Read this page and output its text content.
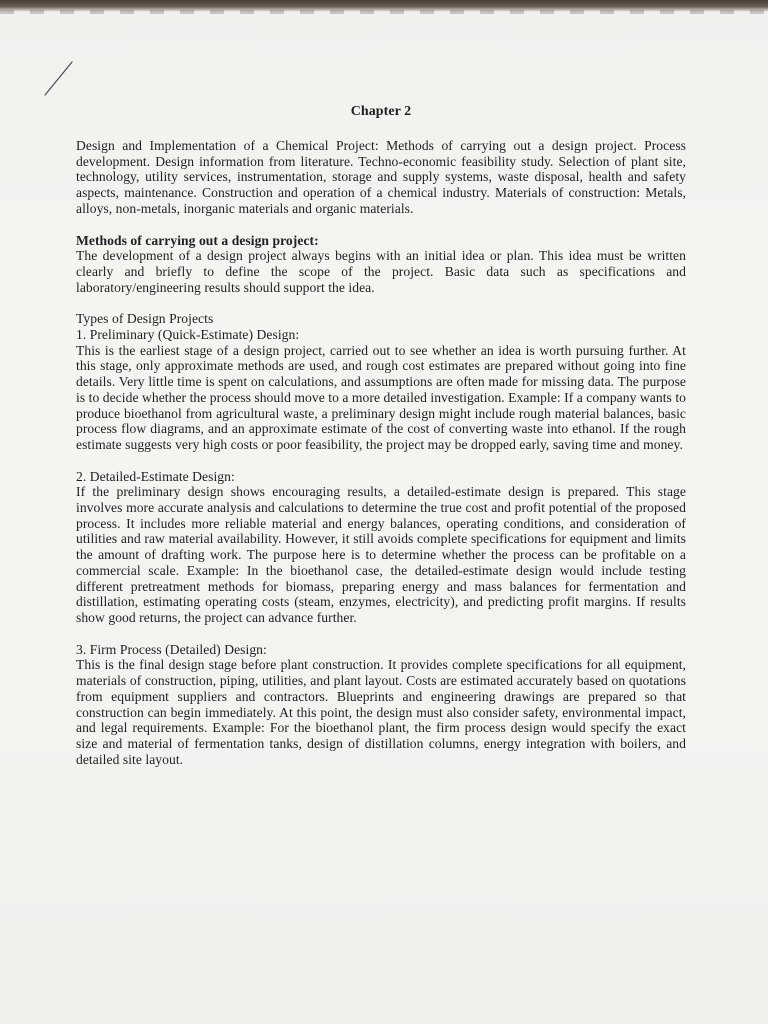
Chapter 2

Design and Implementation of a Chemical Project: Methods of carrying out a design project. Process development. Design information from literature. Techno-economic feasibility study. Selection of plant site, technology, utility services, instrumentation, storage and supply systems, waste disposal, health and safety aspects, maintenance. Construction and operation of a chemical industry. Materials of construction: Metals, alloys, non-metals, inorganic materials and organic materials.

Methods of carrying out a design project:

The development of a design project always begins with an initial idea or plan. This idea must be written clearly and briefly to define the scope of the project. Basic data such as specifications and laboratory/engineering results should support the idea.

Types of Design Projects

1. Preliminary (Quick-Estimate) Design:

This is the earliest stage of a design project, carried out to see whether an idea is worth pursuing further. At this stage, only approximate methods are used, and rough cost estimates are prepared without going into fine details. Very little time is spent on calculations, and assumptions are often made for missing data. The purpose is to decide whether the process should move to a more detailed investigation. Example: If a company wants to produce bioethanol from agricultural waste, a preliminary design might include rough material balances, basic process flow diagrams, and an approximate estimate of the cost of converting waste into ethanol. If the rough estimate suggests very high costs or poor feasibility, the project may be dropped early, saving time and money.

2. Detailed-Estimate Design:

If the preliminary design shows encouraging results, a detailed-estimate design is prepared. This stage involves more accurate analysis and calculations to determine the true cost and profit potential of the proposed process. It includes more reliable material and energy balances, operating conditions, and consideration of utilities and raw material availability. However, it still avoids complete specifications for equipment and limits the amount of drafting work. The purpose here is to determine whether the process can be profitable on a commercial scale. Example: In the bioethanol case, the detailed-estimate design would include testing different pretreatment methods for biomass, preparing energy and mass balances for fermentation and distillation, estimating operating costs (steam, enzymes, electricity), and predicting profit margins. If results show good returns, the project can advance further.

3. Firm Process (Detailed) Design:

This is the final design stage before plant construction. It provides complete specifications for all equipment, materials of construction, piping, utilities, and plant layout. Costs are estimated accurately based on quotations from equipment suppliers and contractors. Blueprints and engineering drawings are prepared so that construction can begin immediately. At this point, the design must also consider safety, environmental impact, and legal requirements. Example: For the bioethanol plant, the firm process design would specify the exact size and material of fermentation tanks, design of distillation columns, energy integration with boilers, and detailed site layout.
